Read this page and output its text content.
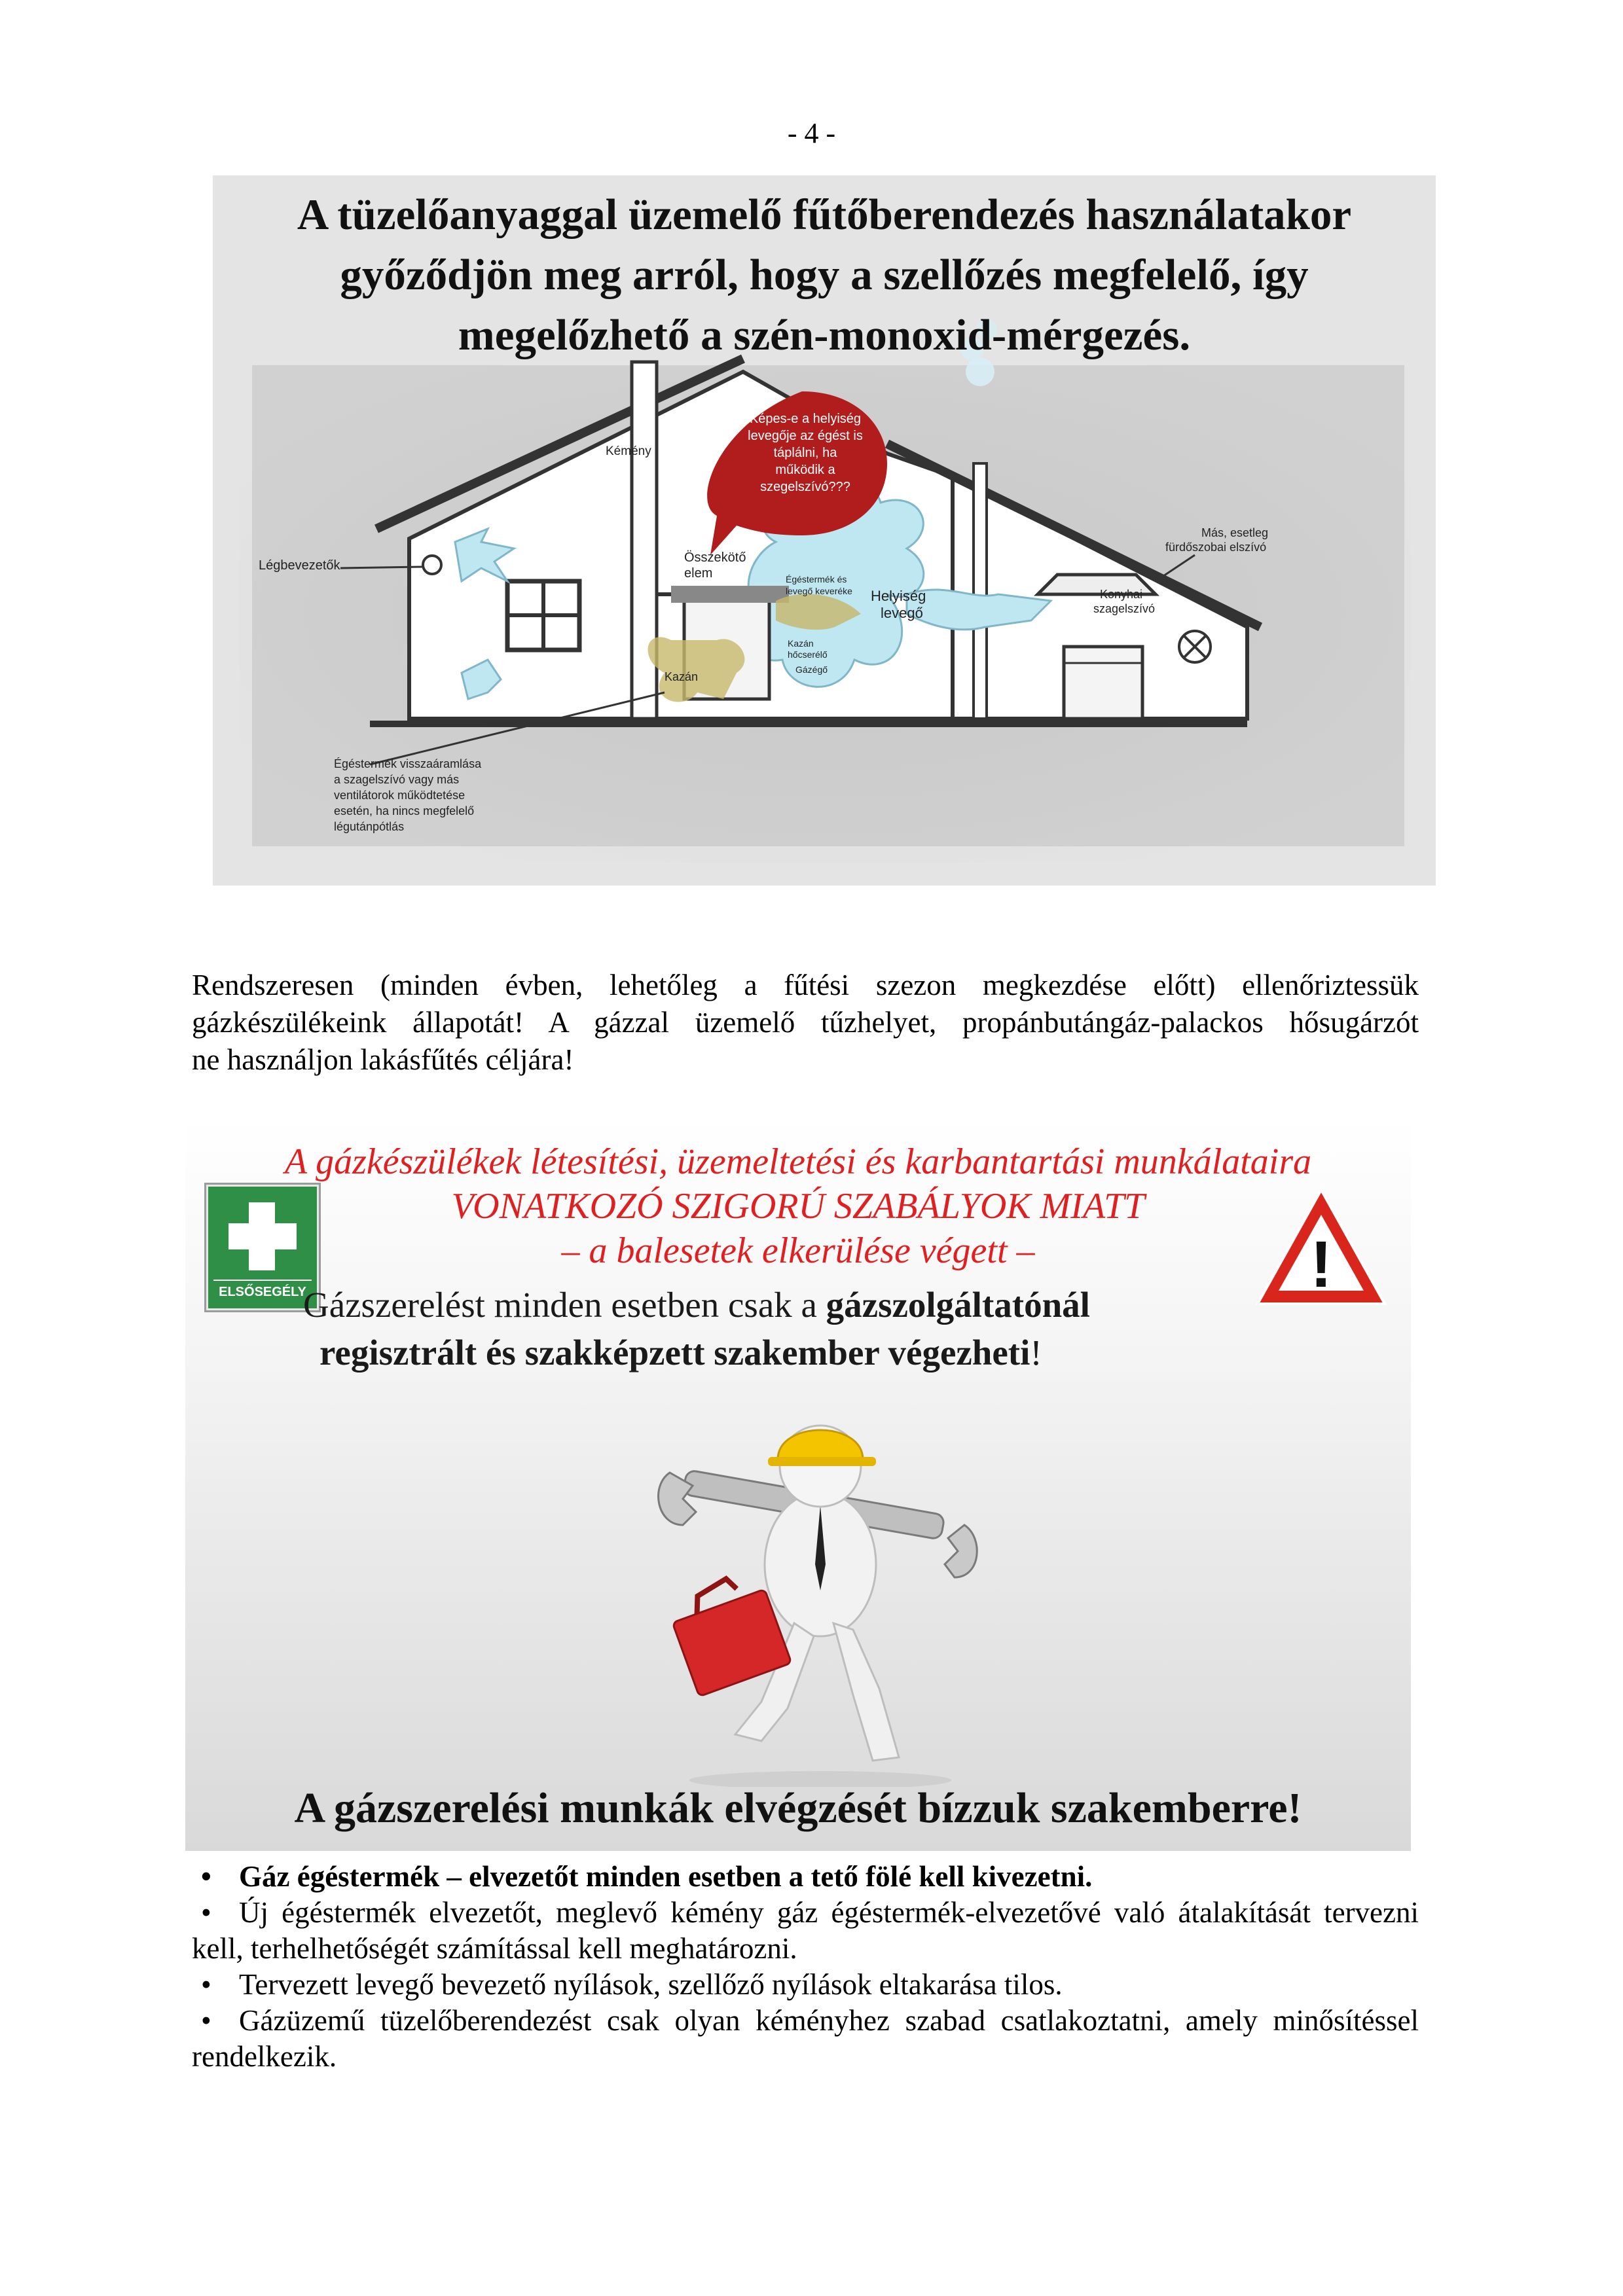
- 4 -
Kémény
Képes-e a helyiség
levegője az égést is
táplálni, ha
működik a
szegelszívó???
Légbevezetők
Összekötő
elem	Égéstermék és
levegő keveréke Helyiség
levegő
Kazán
hőcserélő
Gázégő
Kazán
Konyhai
szagelszívó
Más, esetleg
fürdőszobai elszívó
Égéstermék visszaáramlása
a szagelszívó vagy más
ventilátorok működtetése
esetén, ha nincs megfelelő
légutánpótlás
A tüzelőanyaggal üzemelő fűtőberendezés használatakor
győződjön meg arról, hogy a szellőzés megfelelő, így
megelőzhető a szén-monoxid-mérgezés.
Rendszeresen (minden évben, lehetőleg a fűtési szezon megkezdése előtt) ellenőriztessük
gázkészülékeink állapotát! A gázzal üzemelő tűzhelyet, propánbutángáz-palackos hősugárzót
ne használjon lakásfűtés céljára!
A gázkészülékek létesítési, üzemeltetési és karbantartási munkálataira
VONATKOZÓ SZIGORÚ SZABÁLYOK MIATT
– a balesetek elkerülése végett –
ELSŐSEGÉLY	!
Gázszerelést minden esetben csak a gázszolgáltatónál
regisztrált és szakképzett szakember végezheti!
A gázszerelési munkák elvégzését bízzuk szakemberre!
• Gáz égéstermék – elvezetőt minden esetben a tető fölé kell kivezetni.
• Új égéstermék elvezetőt, meglevő kémény gáz égéstermék-elvezetővé való átalakítását tervezni
kell, terhelhetőségét számítással kell meghatározni.
• Tervezett levegő bevezető nyílások, szellőző nyílások eltakarása tilos.
• Gázüzemű tüzelőberendezést csak olyan kéményhez szabad csatlakoztatni, amely minősítéssel
rendelkezik.
